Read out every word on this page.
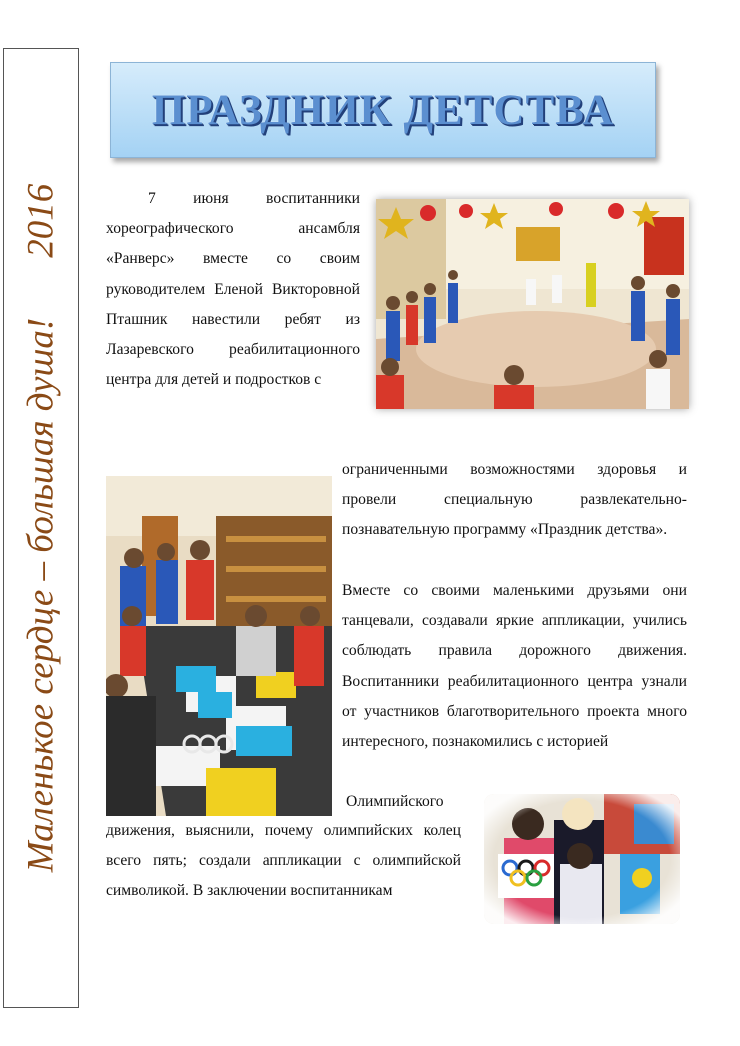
Маленькое сердце – большая душа!2016
ПРАЗДНИК ДЕТСТВА
7 июня воспитанники хореографического ансамбля «Ранверс» вместе со своим руководителем Еленой Викторовной Пташник навестили ребят из Лазаревского реабилитационного центра для детей и подростков с
ограниченными возможностями здоровья и провели специальную развлекательно-познавательную программу «Праздник детства».
Вместе со своими маленькими друзьями они танцевали, создавали яркие аппликации, учились соблюдать правила дорожного движения. Воспитанники реабилитационного центра узнали от участников благотворительного проекта много интересного, познакомились с историей
Олимпийского
движения, выяснили, почему олимпийских колец всего пять; создали аппликации с олимпийской символикой. В заключении воспитанникам
